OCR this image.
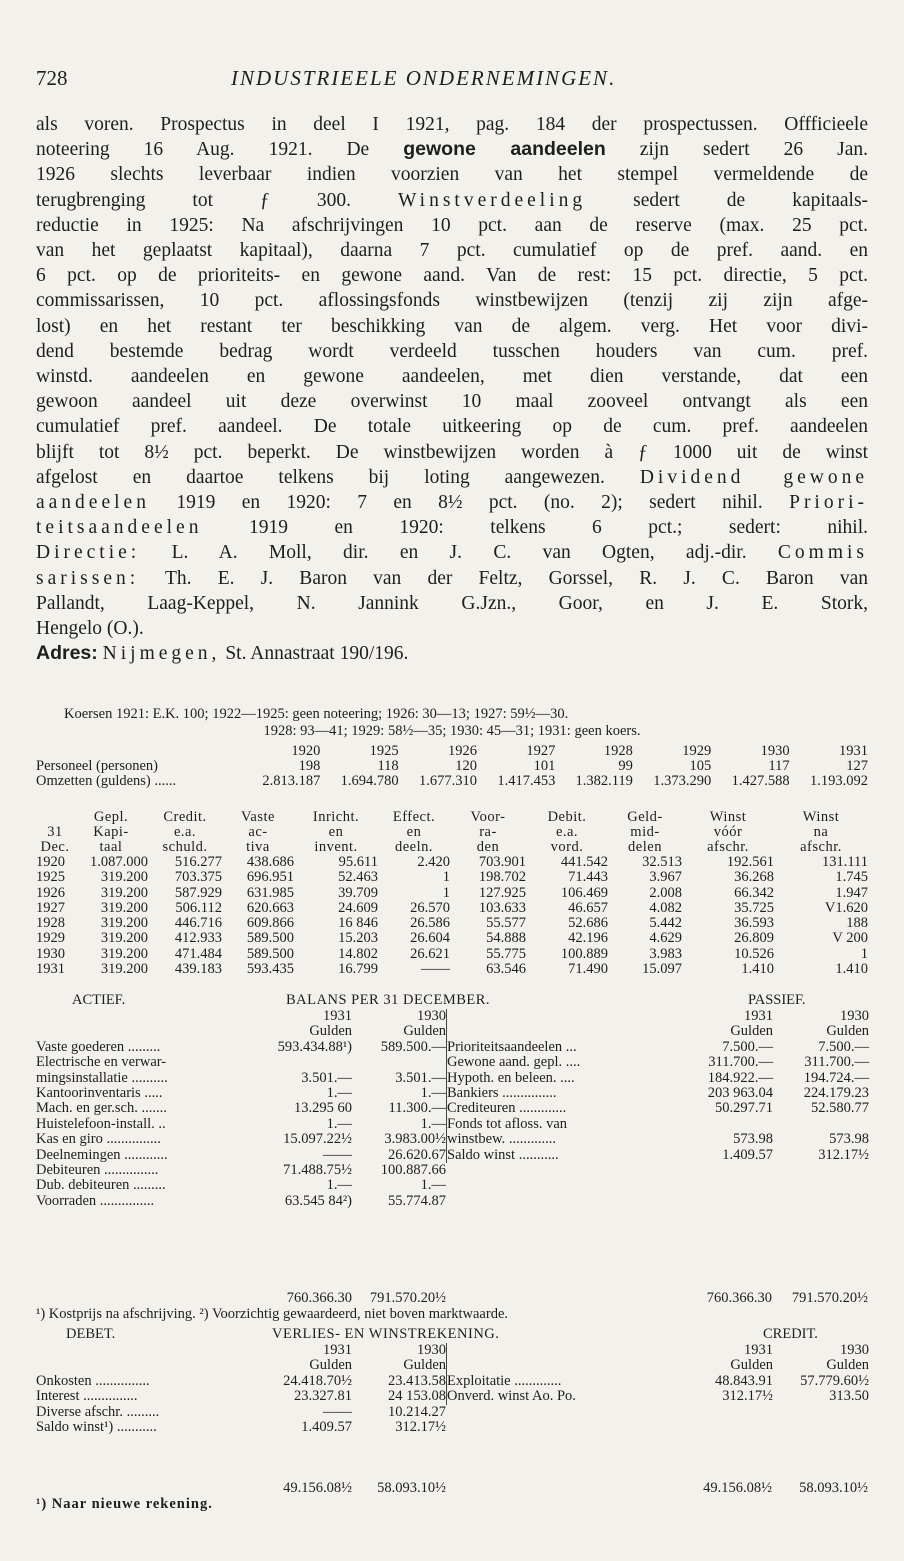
728	INDUSTRIEELE ONDERNEMINGEN.
als voren. Prospectus in deel I 1921, pag. 184 der prospectussen. Offficieele
noteering 16 Aug. 1921. De gewone aandeelen zijn sedert 26 Jan.
1926 slechts leverbaar indien voorzien van het stempel vermeldende de
terugbrenging tot ƒ 300. Winstverdeeling sedert de kapitaals-
reductie in 1925: Na afschrijvingen 10 pct. aan de reserve (max. 25 pct.
van het geplaatst kapitaal), daarna 7 pct. cumulatief op de pref. aand. en
6 pct. op de prioriteits- en gewone aand. Van de rest: 15 pct. directie, 5 pct.
commissarissen, 10 pct. aflossingsfonds winstbewijzen (tenzij zij zijn afge-
lost) en het restant ter beschikking van de algem. verg. Het voor divi-
dend bestemde bedrag wordt verdeeld tusschen houders van cum. pref.
winstd. aandeelen en gewone aandeelen, met dien verstande, dat een
gewoon aandeel uit deze overwinst 10 maal zooveel ontvangt als een
cumulatief pref. aandeel. De totale uitkeering op de cum. pref. aandeelen
blijft tot 8½ pct. beperkt. De winstbewijzen worden à ƒ 1000 uit de winst
afgelost en daartoe telkens bij loting aangewezen. Dividend gewone
aandeelen 1919 en 1920: 7 en 8½ pct. (no. 2); sedert nihil. Priori-
teitsaandeelen 1919 en 1920: telkens 6 pct.; sedert: nihil.
Directie: L. A. Moll, dir. en J. C. van Ogten, adj.-dir. Commis
sarissen: Th. E. J. Baron van der Feltz, Gorssel, R. J. C. Baron van
Pallandt, Laag-Keppel, N. Jannink G.Jzn., Goor, en J. E. Stork,
Hengelo (O.).
Adres: Nijmegen, St. Annastraat 190/196.
Koersen 1921: E.K. 100; 1922—1925: geen noteering; 1926: 30—13; 1927: 59½—30.
1928: 93—41; 1929: 58½—35; 1930: 45—31; 1931: geen koers.
	1920	1925	1926	1927	1928	1929	1930	1931
Personeel (personen)	198	118	120	101	99	105	117	127
Omzetten (guldens) ......	2.813.187	1.694.780	1.677.310	1.417.453	1.382.119	1.373.290	1.427.588	1.193.092
	Gepl.	Credit.	Vaste	Inricht.	Effect.	Voor-	Debit.	Geld-	Winst	Winst
31	Kapi-	e.a.	ac-	en	en	ra-	e.a.	mid-	vóór	na
Dec.	taal	schuld.	tiva	invent.	deeln.	den	vord.	delen	afschr.	afschr.
1920	1.087.000	516.277	438.686	95.611	2.420	703.901	441.542	32.513	192.561	131.111
1925	319.200	703.375	696.951	52.463	1	198.702	71.443	3.967	36.268	1.745
1926	319.200	587.929	631.985	39.709	1	127.925	106.469	2.008	66.342	1.947
1927	319.200	506.112	620.663	24.609	26.570	103.633	46.657	4.082	35.725	V1.620
1928	319.200	446.716	609.866	16 846	26.586	55.577	52.686	5.442	36.593	188
1929	319.200	412.933	589.500	15.203	26.604	54.888	42.196	4.629	26.809	V 200
1930	319.200	471.484	589.500	14.802	26.621	55.775	100.889	3.983	10.526	1
1931	319.200	439.183	593.435	16.799	——	63.546	71.490	15.097	1.410	1.410
ACTIEF.	BALANS PER 31 DECEMBER.	PASSIEF.
	1931	1930
	Gulden	Gulden
Vaste goederen .........	593.434.88¹)	589.500.—
Electrische en verwar-		
mingsinstallatie ..........	3.501.—	3.501.—
Kantoorinventaris .....	1.—	1.—
Mach. en ger.sch. .......	13.295 60	11.300.—
Huistelefoon-install. ..	1.—	1.—
Kas en giro ...............	15.097.22½	3.983.00½
Deelnemingen ............	——	26.620.67
Debiteuren ...............	71.488.75½	100.887.66
Dub. debiteuren .........	1.—	1.—
Voorraden ...............	63.545 84²)	55.774.87
	1931	1930
	Gulden	Gulden
Prioriteitsaandeelen ...	7.500.—	7.500.—
Gewone aand. gepl. ....	311.700.—	311.700.—
Hypoth. en beleen. ....	184.922.—	194.724.—
Bankiers ...............	203 963.04	224.179.23
Crediteuren .............	50.297.71	52.580.77
Fonds tot afloss. van		
winstbew. .............	573.98	573.98
Saldo winst ...........	1.409.57	312.17½
760.366.30	791.570.20½	760.366.30	791.570.20½
¹) Kostprijs na afschrijving. ²) Voorzichtig gewaardeerd, niet boven marktwaarde.
DEBET.	VERLIES- EN WINSTREKENING.	CREDIT.
	1931	1930
	Gulden	Gulden
Onkosten ...............	24.418.70½	23.413.58
Interest ...............	23.327.81	24 153.08
Diverse afschr. .........	——	10.214.27
Saldo winst¹) ...........	1.409.57	312.17½
	1931	1930
	Gulden	Gulden
Exploitatie .............	48.843.91	57.779.60½
Onverd. winst Ao. Po.	312.17½	313.50
49.156.08½	58.093.10½	49.156.08½	58.093.10½
¹) Naar nieuwe rekening.
